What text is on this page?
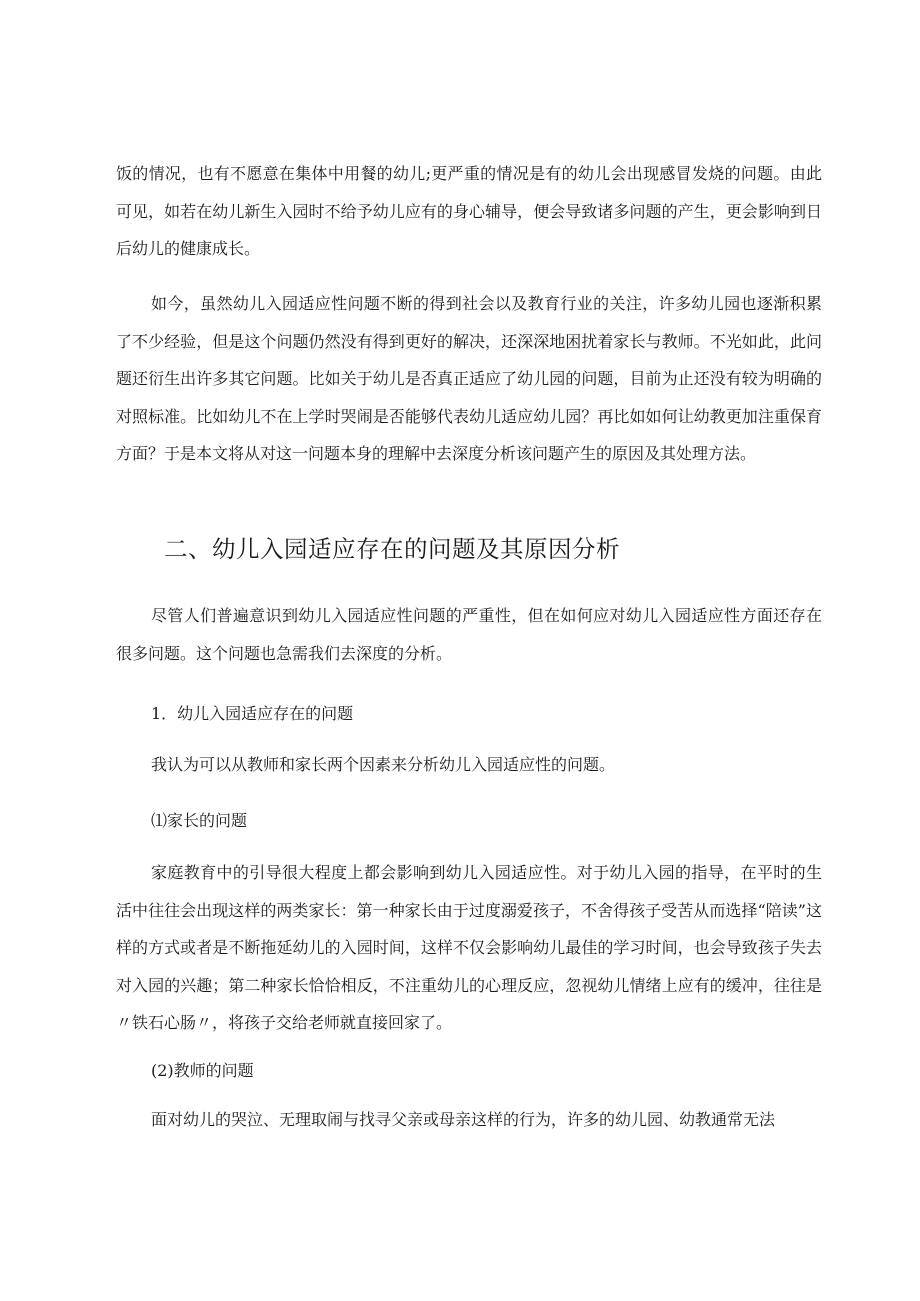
饭的情况，也有不愿意在集体中用餐的幼儿;更严重的情况是有的幼儿会出现感冒发烧的问题。由此可见，如若在幼儿新生入园时不给予幼儿应有的身心辅导，便会导致诸多问题的产生，更会影响到日后幼儿的健康成长。

如今，虽然幼儿入园适应性问题不断的得到社会以及教育行业的关注，许多幼儿园也逐渐积累了不少经验，但是这个问题仍然没有得到更好的解决，还深深地困扰着家长与教师。不光如此，此问题还衍生出许多其它问题。比如关于幼儿是否真正适应了幼儿园的问题，目前为止还没有较为明确的对照标准。比如幼儿不在上学时哭闹是否能够代表幼儿适应幼儿园？再比如如何让幼教更加注重保育方面？于是本文将从对这一问题本身的理解中去深度分析该问题产生的原因及其处理方法。

二、幼儿入园适应存在的问题及其原因分析

尽管人们普遍意识到幼儿入园适应性问题的严重性，但在如何应对幼儿入园适应性方面还存在很多问题。这个问题也急需我们去深度的分析。

1．幼儿入园适应存在的问题

我认为可以从教师和家长两个因素来分析幼儿入园适应性的问题。

⑴家长的问题

家庭教育中的引导很大程度上都会影响到幼儿入园适应性。对于幼儿入园的指导，在平时的生活中往往会出现这样的两类家长：第一种家长由于过度溺爱孩子，不舍得孩子受苦从而选择“陪读”这样的方式或者是不断拖延幼儿的入园时间，这样不仅会影响幼儿最佳的学习时间，也会导致孩子失去对入园的兴趣；第二种家长恰恰相反，不注重幼儿的心理反应，忽视幼儿情绪上应有的缓冲，往往是〃铁石心肠〃，将孩子交给老师就直接回家了。

(2)教师的问题

面对幼儿的哭泣、无理取闹与找寻父亲或母亲这样的行为，许多的幼儿园、幼教通常无法
